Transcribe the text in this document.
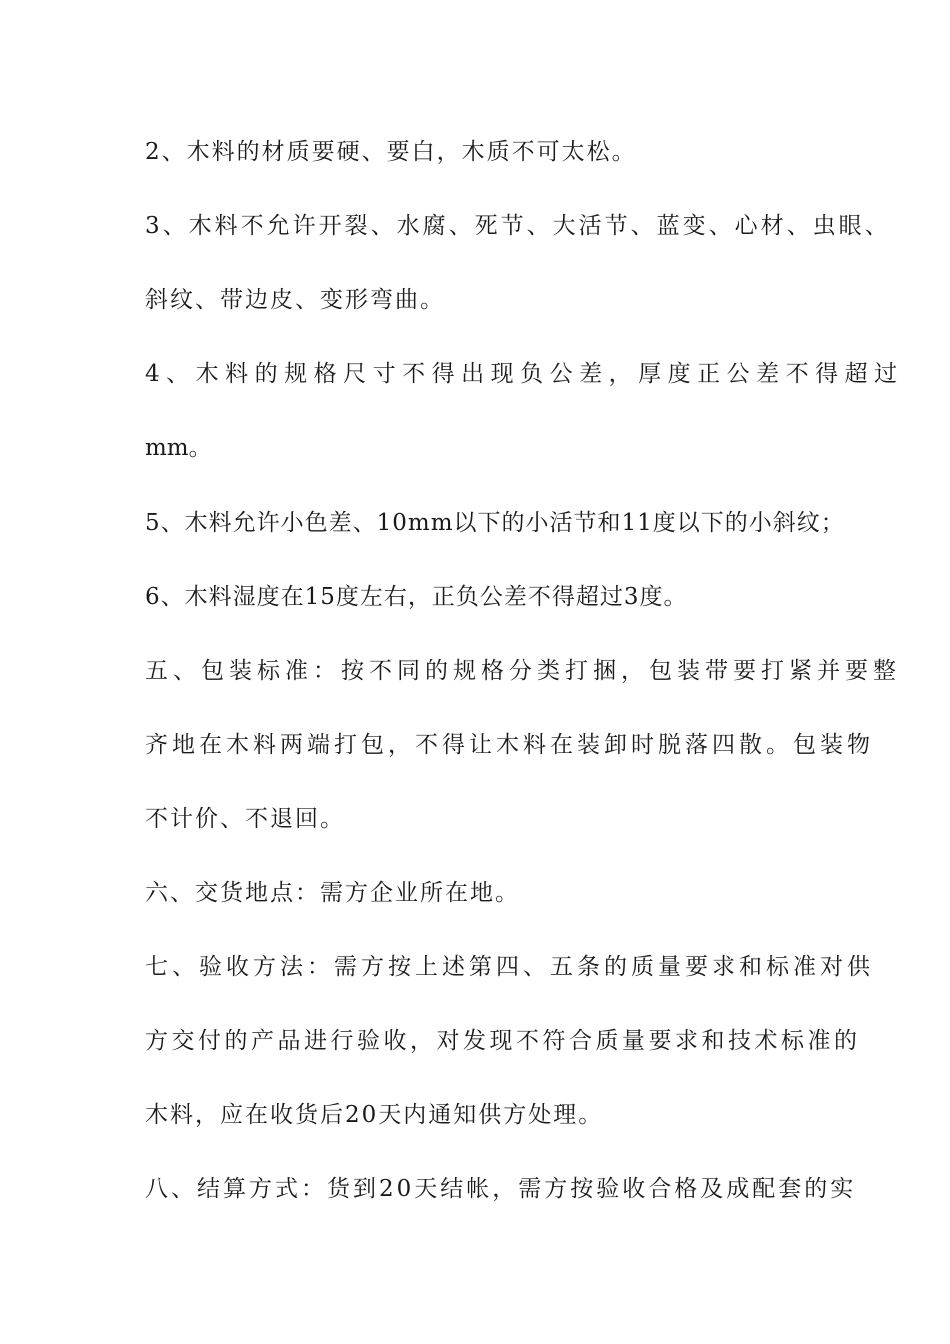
2、木料的材质要硬、要白，木质不可太松。

3、木料不允许开裂、水腐、死节、大活节、蓝变、心材、虫眼、

斜纹、带边皮、变形弯曲。

4、木料的规格尺寸不得出现负公差，厚度正公差不得超过

mm。

5、木料允许小色差、10mm以下的小活节和11度以下的小斜纹；

6、木料湿度在15度左右，正负公差不得超过3度。

五、包装标准：按不同的规格分类打捆，包装带要打紧并要整

齐地在木料两端打包，不得让木料在装卸时脱落四散。包装物

不计价、不退回。

六、交货地点：需方企业所在地。

七、验收方法：需方按上述第四、五条的质量要求和标准对供

方交付的产品进行验收，对发现不符合质量要求和技术标准的

木料，应在收货后20天内通知供方处理。

八、结算方式：货到20天结帐，需方按验收合格及成配套的实
